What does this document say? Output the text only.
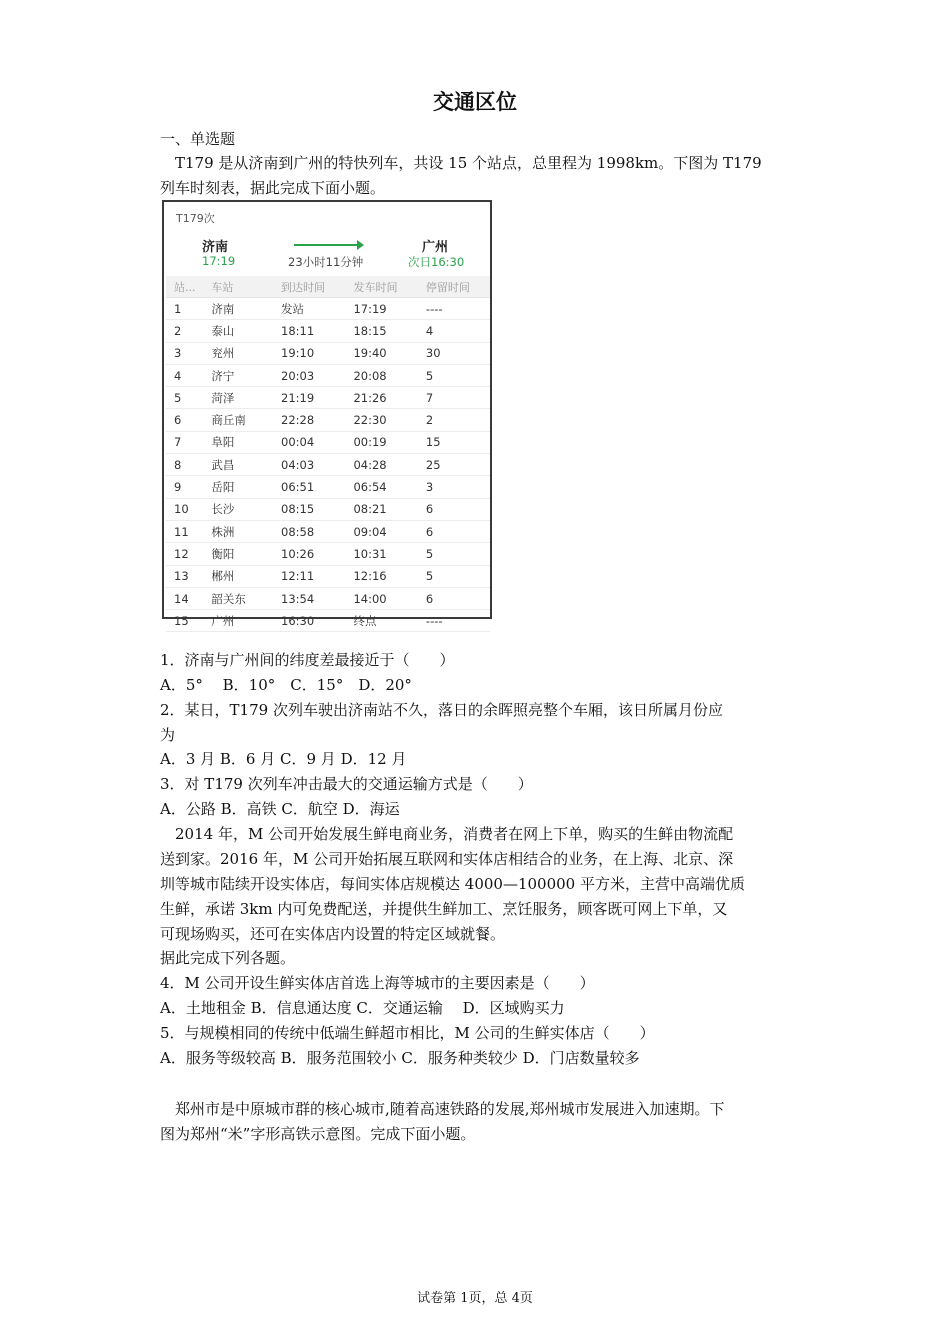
交通区位
一、单选题
T179 是从济南到广州的特快列车，共设 15 个站点，总里程为 1998km。下图为 T179
列车时刻表，据此完成下面小题。
T179次
济南
17:19	23小时11分钟
广州
次日16:30
站...	车站	到达时间	发车时间	停留时间
1	济南	发站	17:19	----
2	泰山	18:11	18:15	4
3	兖州	19:10	19:40	30
4	济宁	20:03	20:08	5
5	菏泽	21:19	21:26	7
6	商丘南	22:28	22:30	2
7	阜阳	00:04	00:19	15
8	武昌	04:03	04:28	25
9	岳阳	06:51	06:54	3
10	长沙	08:15	08:21	6
11	株洲	08:58	09:04	6
12	衡阳	10:26	10:31	5
13	郴州	12:11	12:16	5
14	韶关东	13:54	14:00	6
15	广州	16:30	终点	----
1．济南与广州间的纬度差最接近于（　　）
A．5°　 B．10°　C．15°　D．20°
2．某日，T179 次列车驶出济南站不久，落日的余晖照亮整个车厢，该日所属月份应
为
A．3 月 B．6 月 C．9 月 D．12 月
3．对 T179 次列车冲击最大的交通运输方式是（　　）
A．公路 B．高铁 C．航空 D．海运
2014 年，M 公司开始发展生鲜电商业务，消费者在网上下单，购买的生鲜由物流配
送到家。2016 年，M 公司开始拓展互联网和实体店相结合的业务，在上海、北京、深
圳等城市陆续开设实体店，每间实体店规模达 4000—100000 平方米，主营中高端优质
生鲜，承诺 3km 内可免费配送，并提供生鲜加工、烹饪服务，顾客既可网上下单，又
可现场购买，还可在实体店内设置的特定区域就餐。
据此完成下列各题。
4．M 公司开设生鲜实体店首选上海等城市的主要因素是（　　）
A．土地租金 B．信息通达度 C．交通运输　 D．区域购买力
5．与规模相同的传统中低端生鲜超市相比，M 公司的生鲜实体店（　　）
A．服务等级较高 B．服务范围较小 C．服务种类较少 D．门店数量较多
郑州市是中原城市群的核心城市,随着高速铁路的发展,郑州城市发展进入加速期。下
图为郑州“米”字形高铁示意图。完成下面小题。
试卷第 1页，总 4页
